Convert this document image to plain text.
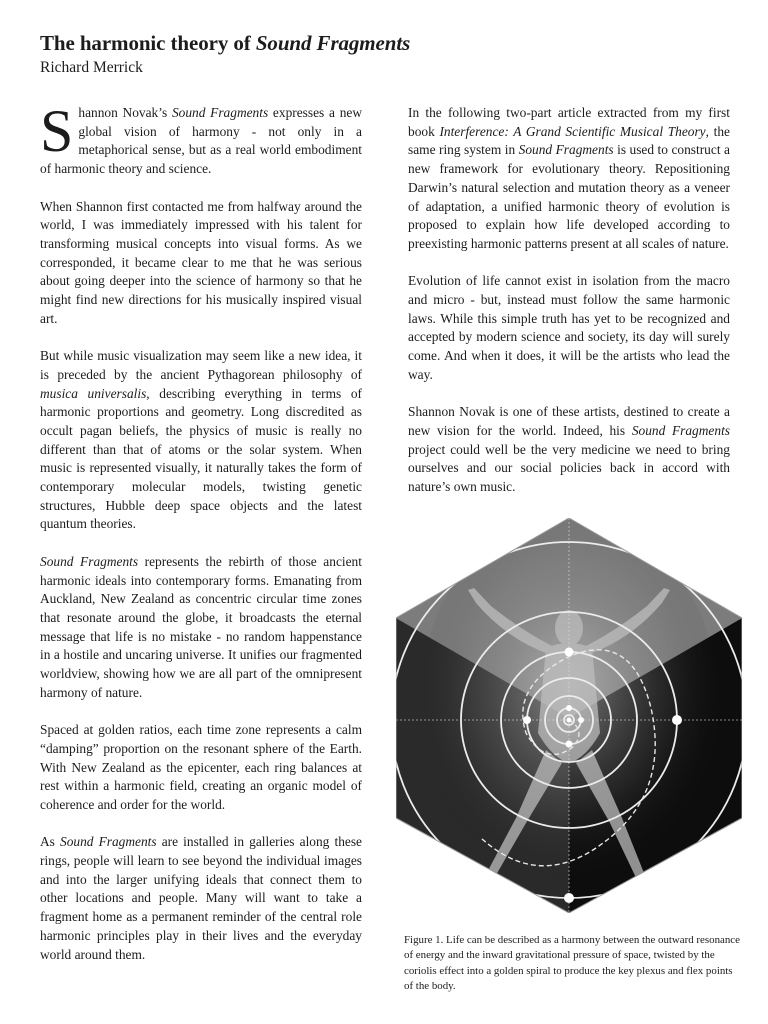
The harmonic theory of Sound Fragments
Richard Merrick

Shannon Novak’s Sound Fragments expresses a new global vision of harmony - not only in a metaphorical sense, but as a real world embodiment of harmonic theory and science.

When Shannon first contacted me from halfway around the world, I was immediately impressed with his talent for transforming musical concepts into visual forms. As we corresponded, it became clear to me that he was serious about going deeper into the science of harmony so that he might find new directions for his musically inspired visual art.

But while music visualization may seem like a new idea, it is preceded by the ancient Pythagorean philosophy of musica universalis, describing everything in terms of harmonic proportions and geometry. Long discredited as occult pagan beliefs, the physics of music is really no different than that of atoms or the solar system. When music is represented visually, it naturally takes the form of contemporary molecular models, twisting genetic structures, Hubble deep space objects and the latest quantum theories.

Sound Fragments represents the rebirth of those ancient harmonic ideals into contemporary forms. Emanating from Auckland, New Zealand as concentric circular time zones that resonate around the globe, it broadcasts the eternal message that life is no mistake - no random happenstance in a hostile and uncaring universe. It unifies our fragmented worldview, showing how we are all part of the omnipresent harmony of nature.

Spaced at golden ratios, each time zone represents a calm “damping” proportion on the resonant sphere of the Earth. With New Zealand as the epicenter, each ring balances at rest within a harmonic field, creating an organic model of coherence and order for the world.

As Sound Fragments are installed in galleries along these rings, people will learn to see beyond the individual images and into the larger unifying ideals that connect them to other locations and people. Many will want to take a fragment home as a permanent reminder of the central role harmonic principles play in their lives and the everyday world around them.

In the following two-part article extracted from my first book Interference: A Grand Scientific Musical Theory, the same ring system in Sound Fragments is used to construct a new framework for evolutionary theory. Repositioning Darwin’s natural selection and mutation theory as a veneer of adaptation, a unified harmonic theory of evolution is proposed to explain how life developed according to preexisting harmonic patterns present at all scales of nature.

Evolution of life cannot exist in isolation from the macro and micro - but, instead must follow the same harmonic laws. While this simple truth has yet to be recognized and accepted by modern science and society, its day will surely come. And when it does, it will be the artists who lead the way.

Shannon Novak is one of these artists, destined to create a new vision for the world. Indeed, his Sound Fragments project could well be the very medicine we need to bring ourselves and our social policies back in accord with nature’s own music.

Figure 1. Life can be described as a harmony between the outward resonance of energy and the inward gravitational pressure of space, twisted by the coriolis effect into a golden spiral to produce the key plexus and flex points of the body.
